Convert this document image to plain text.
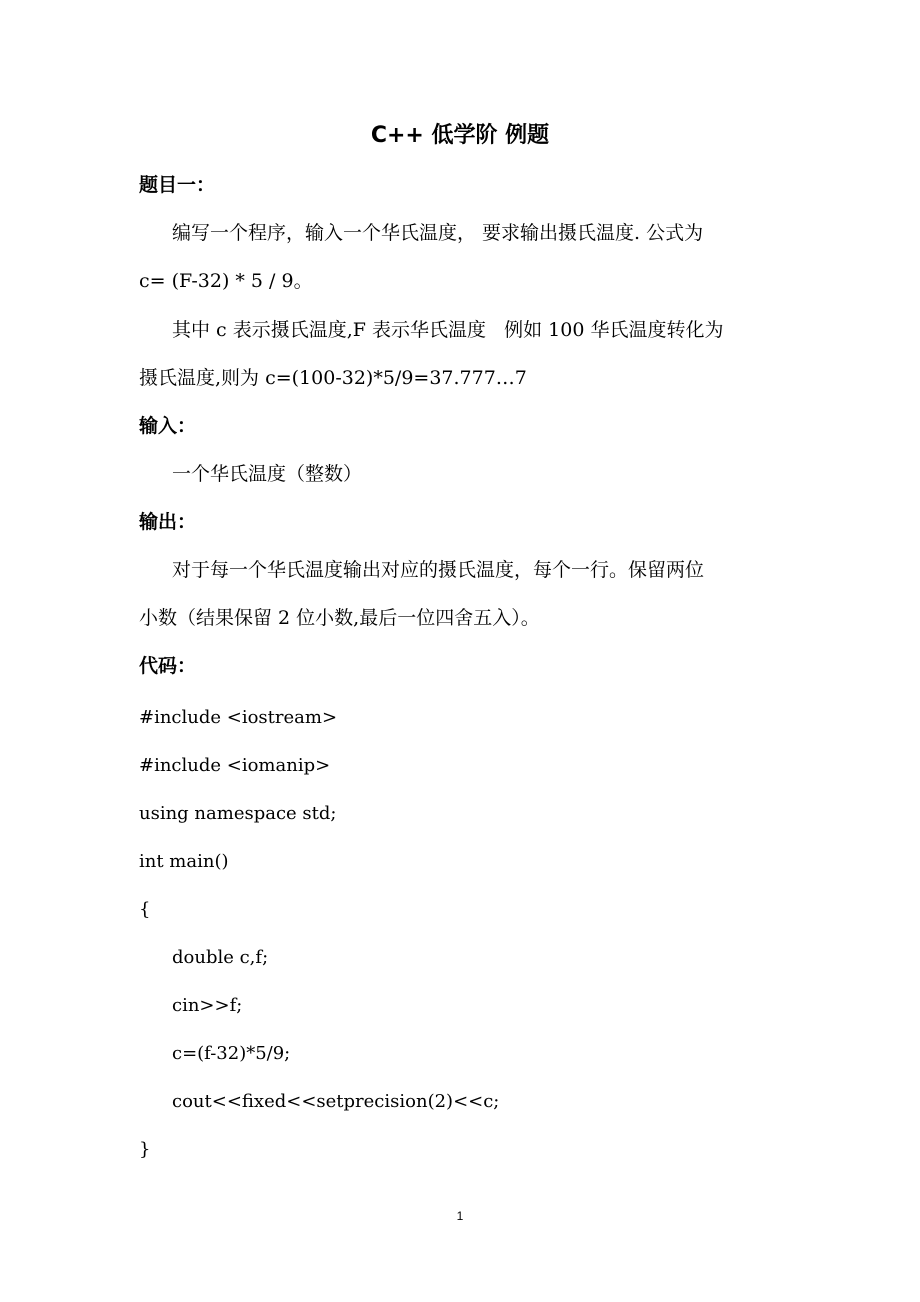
C++ 低学阶 例题
题目一：
编写一个程序，输入一个华氏温度， 要求输出摄氏温度. 公式为
c= (F-32) * 5 / 9。
其中 c 表示摄氏温度,F 表示华氏温度   例如 100 华氏温度转化为
摄氏温度,则为 c=(100-32)*5/9=37.777…7
输入：
一个华氏温度（整数）
输出：
对于每一个华氏温度输出对应的摄氏温度，每个一行。保留两位
小数（结果保留 2 位小数,最后一位四舍五入）。
代码：
#include <iostream>
#include <iomanip>
using namespace std;
int main()
{
double c,f;
cin>>f;
c=(f-32)*5/9;
cout<<fixed<<setprecision(2)<<c;
}
1
